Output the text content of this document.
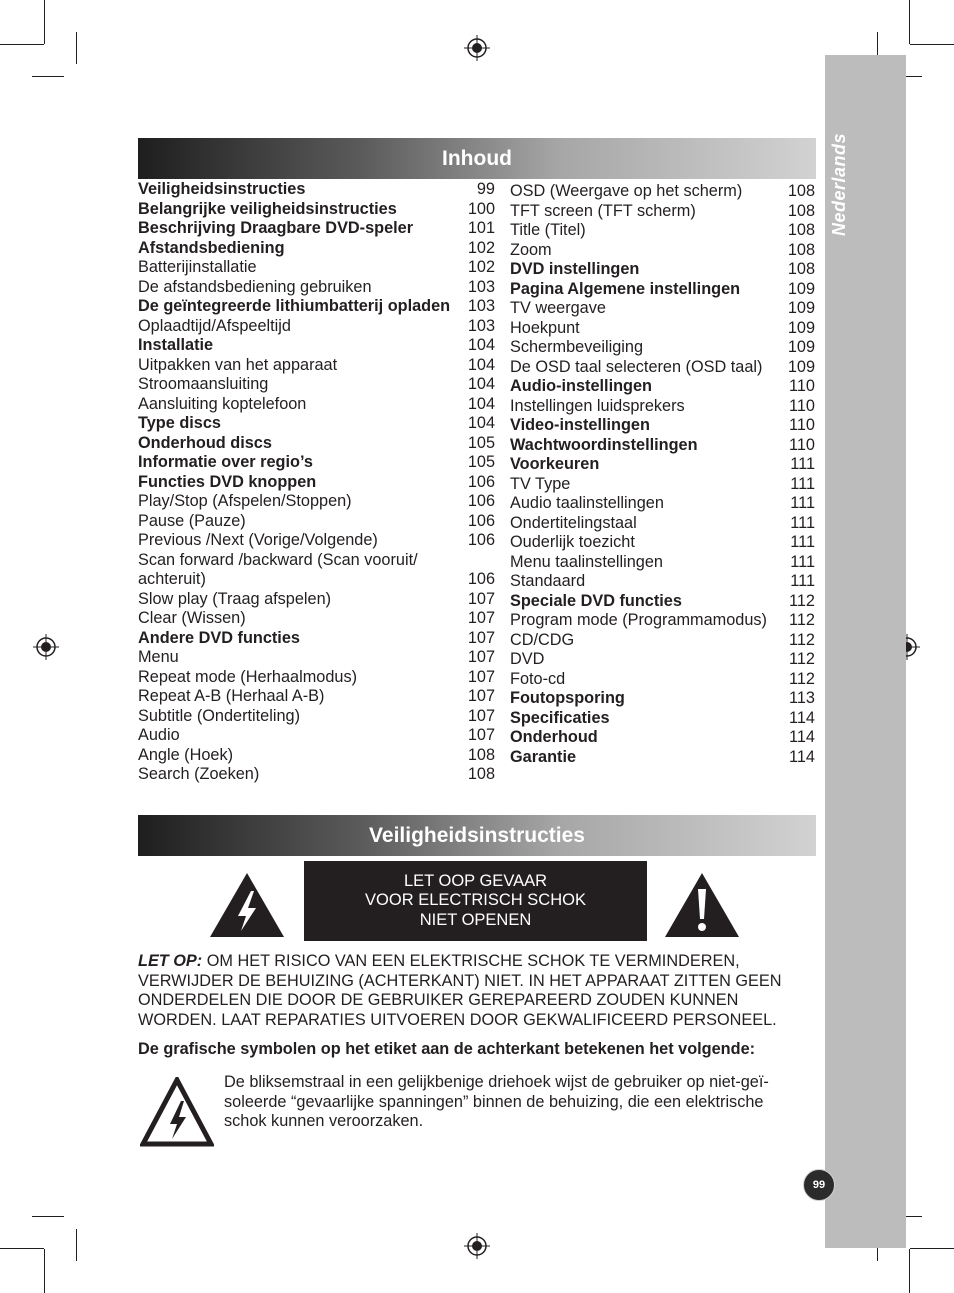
Nederlands
99
Inhoud
Veiligheidsinstructies	99
Belangrijke veiligheidsinstructies	100
Beschrijving Draagbare DVD-speler	101
Afstandsbediening	102
Batterijinstallatie	102
De afstandsbediening gebruiken	103
De geïntegreerde lithiumbatterij opladen	103
Oplaadtijd/Afspeeltijd	103
Installatie	104
Uitpakken van het apparaat	104
Stroomaansluiting	104
Aansluiting koptelefoon	104
Type discs	104
Onderhoud discs	105
Informatie over regio’s	105
Functies DVD knoppen	106
Play/Stop (Afspelen/Stoppen)	106
Pause (Pauze)	106
Previous /Next (Vorige/Volgende)	106
Scan forward /backward (Scan vooruit/ achteruit)	106
Slow play (Traag afspelen)	107
Clear (Wissen)	107
Andere DVD functies	107
Menu	107
Repeat mode (Herhaalmodus)	107
Repeat A-B (Herhaal A-B)	107
Subtitle (Ondertiteling)	107
Audio	107
Angle (Hoek)	108
Search (Zoeken)	108
OSD (Weergave op het scherm)	108
TFT screen (TFT scherm)	108
Title (Titel)	108
Zoom	108
DVD instellingen	108
Pagina Algemene instellingen	109
TV weergave	109
Hoekpunt	109
Schermbeveiliging	109
De OSD taal selecteren (OSD taal)	109
Audio-instellingen	110
Instellingen luidsprekers	110
Video-instellingen	110
Wachtwoordinstellingen	110
Voorkeuren	111
TV Type	111
Audio taalinstellingen	111
Ondertitelingstaal	111
Ouderlijk toezicht	111
Menu taalinstellingen	111
Standaard	111
Speciale DVD functies	112
Program mode (Programmamodus)	112
CD/CDG	112
DVD	112
Foto-cd	112
Foutopsporing	113
Specificaties	114
Onderhoud	114
Garantie	114
Veiligheidsinstructies
LET OOP GEVAAR
VOOR ELECTRISCH SCHOK
NIET OPENEN
LET OP: OM HET RISICO VAN EEN ELEKTRISCHE SCHOK TE VERMINDEREN, VERWIJDER DE BEHUIZING (ACHTERKANT) NIET. IN HET APPARAAT ZITTEN GEEN ONDERDELEN DIE DOOR DE GEBRUIKER GEREPAREERD ZOUDEN KUNNEN WORDEN. LAAT REPARATIES UITVOEREN DOOR GEKWALIFICEERD PERSONEEL.
De grafische symbolen op het etiket aan de achterkant betekenen het volgende:
De bliksemstraal in een gelijkbenige driehoek wijst de gebruiker op niet-geï- soleerde “gevaarlijke spanningen” binnen de behuizing, die een elektrische schok kunnen veroorzaken.
